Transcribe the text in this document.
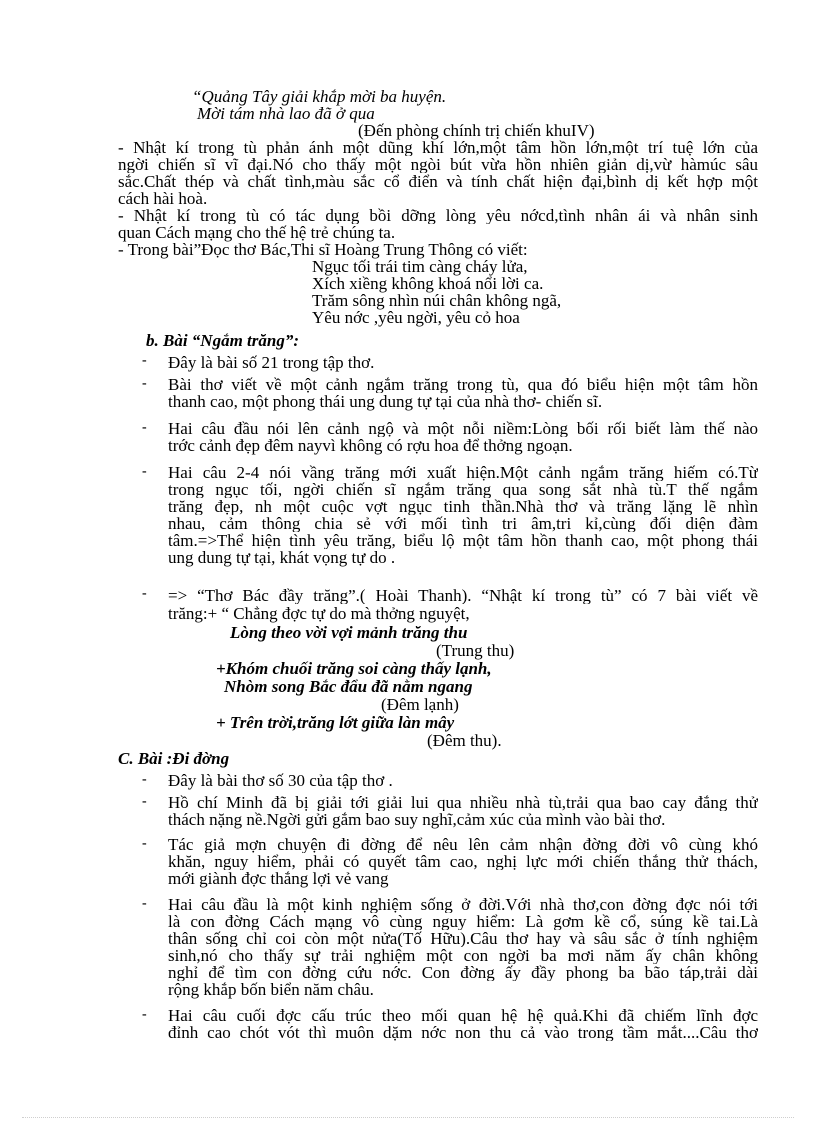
“Quảng Tây giải khắp mời ba huyện.
Mời tám nhà lao đã ở qua
(Đến phòng chính trị chiến khuIV)
- Nhật kí trong tù phản ánh một dũng khí lớn,một tâm hồn lớn,một trí tuệ lớn của
ngời chiến sĩ vĩ đại.Nó cho thấy một ngòi bút vừa hồn nhiên giản dị,vừ hàmúc sâu
sắc.Chất thép và chất tình,màu sắc cổ điển và tính chất hiện đại,bình dị kết hợp một
cách hài hoà.
- Nhật kí trong tù có tác dụng bồi dỡng lòng yêu nớcd,tình nhân ái và nhân sinh
quan Cách mạng cho thế hệ trẻ chúng ta.
- Trong bài”Đọc thơ Bác,Thi sĩ Hoàng Trung Thông có viết:
Ngục tối trái tim càng cháy lửa,
Xích xiềng không khoá nổi lời ca.
Trăm sông nhìn núi chân không ngã,
Yêu nớc ,yêu ngời, yêu cỏ hoa
b. Bài “Ngắm trăng”:
- Đây là bài số 21 trong tập thơ.
- Bài thơ viết về một cảnh ngắm trăng trong tù, qua đó biểu hiện một tâm hồn
thanh cao, một phong thái ung dung tự tại của nhà thơ- chiến sĩ.
- Hai câu đầu nói lên cảnh ngộ và một nỗi niềm:Lòng bối rối biết làm thế nào
trớc cảnh đẹp đêm nayvì không có rợu hoa để thởng ngoạn.
- Hai câu 2-4 nói vầng trăng mới xuất hiện.Một cảnh ngắm trăng hiếm có.Từ
trong ngục tối, ngời chiến sĩ ngắm trăng qua song sắt nhà tù.T thế ngắm
trăng đẹp, nh một cuộc vợt ngục tinh thần.Nhà thơ và trăng lặng lẽ nhìn
nhau, cảm thông chia sẻ với mối tình tri âm,tri kỉ,cùng đối diện đàm
tâm.=>Thể hiện tình yêu trăng, biểu lộ một tâm hồn thanh cao, một phong thái
ung dung tự tại, khát vọng tự do .
- => “Thơ Bác đầy trăng”.( Hoài Thanh). “Nhật kí trong tù” có 7 bài viết về
trăng:+ “ Chẳng đợc tự do mà thởng nguyệt,
Lòng theo vời vợi mảnh trăng thu
(Trung thu)
+Khóm chuối trăng soi càng thấy lạnh,
Nhòm song Bắc đẩu đã nằm ngang
(Đêm lạnh)
+ Trên trời,trăng lớt giữa làn mây
(Đêm thu).
C. Bài :Đi đờng
- Đây là bài thơ số 30 của tập thơ .
- Hồ chí Minh đã bị giải tới giải lui qua nhiều nhà tù,trải qua bao cay đắng thử
thách nặng nề.Ngời gửi gắm bao suy nghĩ,cảm xúc của mình vào bài thơ.
- Tác giả mợn chuyện đi đờng để nêu lên cảm nhận đờng đời vô cùng khó
khăn, nguy hiểm, phải có quyết tâm cao, nghị lực mới chiến thắng thử thách,
mới giành đợc thắng lợi vẻ vang
- Hai câu đầu là một kinh nghiệm sống ở đời.Với nhà thơ,con đờng đợc nói tới
là con đờng Cách mạng vô cùng nguy hiểm: Là gơm kề cổ, súng kề tai.Là
thân sống chỉ coi còn một nửa(Tố Hữu).Câu thơ hay và sâu sắc ở tính nghiệm
sinh,nó cho thấy sự trải nghiệm một con ngời ba mơi năm ấy chân không
nghỉ để tìm con đờng cứu nớc. Con đờng ấy đầy phong ba bão táp,trải dài
rộng khắp bốn biển năm châu.
- Hai câu cuối đợc cấu trúc theo mối quan hệ hệ quả.Khi đã chiếm lĩnh đợc
đỉnh cao chót vót thì muôn dặm nớc non thu cả vào trong tầm mắt....Câu thơ
